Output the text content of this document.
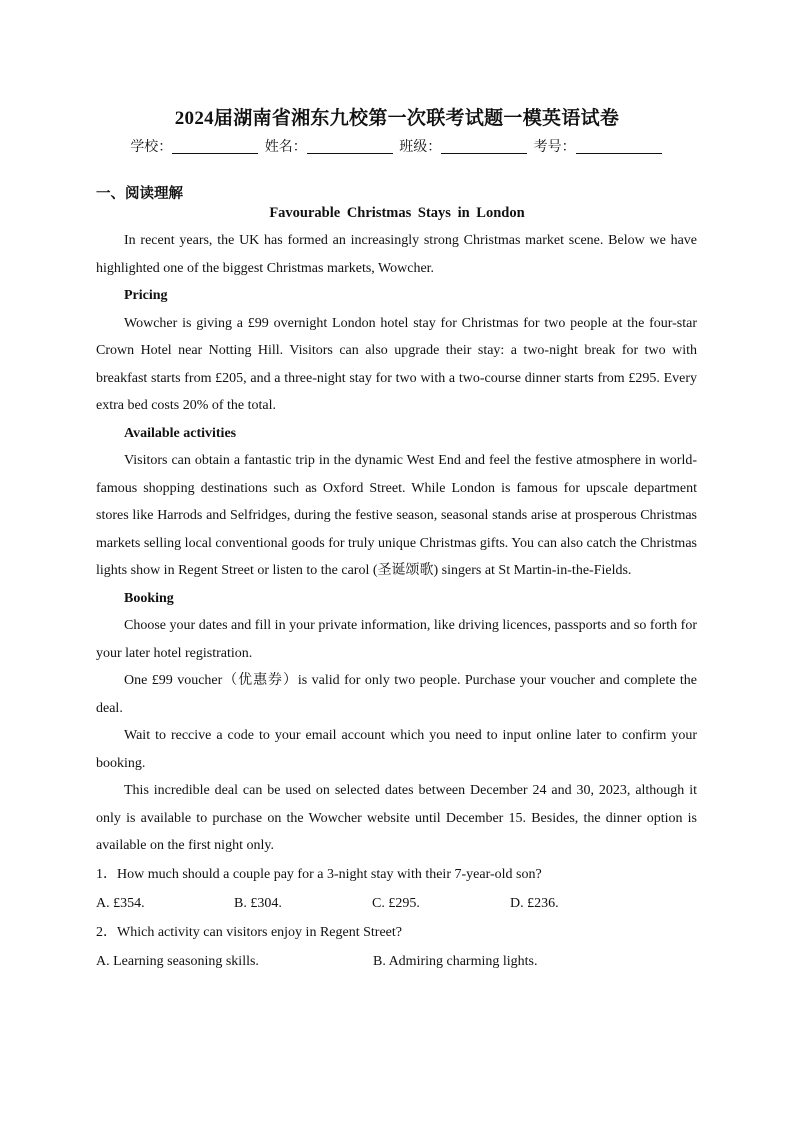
2024届湖南省湘东九校第一次联考试题一模英语试卷
学校：	姓名：	班级：	考号：
一、阅读理解
Favourable Christmas Stays in London

In recent years, the UK has formed an increasingly strong Christmas market scene. Below we have highlighted one of the biggest Christmas markets, Wowcher.

Pricing

Wowcher is giving a £99 overnight London hotel stay for Christmas for two people at the four-star Crown Hotel near Notting Hill. Visitors can also upgrade their stay: a two-night break for two with breakfast starts from £205, and a three-night stay for two with a two-course dinner starts from £295. Every extra bed costs 20% of the total.

Available activities

Visitors can obtain a fantastic trip in the dynamic West End and feel the festive atmosphere in world-famous shopping destinations such as Oxford Street. While London is famous for upscale department stores like Harrods and Selfridges, during the festive season, seasonal stands arise at prosperous Christmas markets selling local conventional goods for truly unique Christmas gifts. You can also catch the Christmas lights show in Regent Street or listen to the carol (圣诞颂歌) singers at St Martin-in-the-Fields.

Booking

Choose your dates and fill in your private information, like driving licences, passports and so forth for your later hotel registration.

One £99 voucher（优惠券）is valid for only two people. Purchase your voucher and complete the deal.

Wait to reccive a code to your email account which you need to input online later to confirm your booking.

This incredible deal can be used on selected dates between December 24 and 30, 2023, although it only is available to purchase on the Wowcher website until December 15. Besides, the dinner option is available on the first night only.

1．How much should a couple pay for a 3-night stay with their 7-year-old son?

A. £354.	B. £304.	C. £295.	D. £236.

2．Which activity can visitors enjoy in Regent Street?

A. Learning seasoning skills.	B. Admiring charming lights.
